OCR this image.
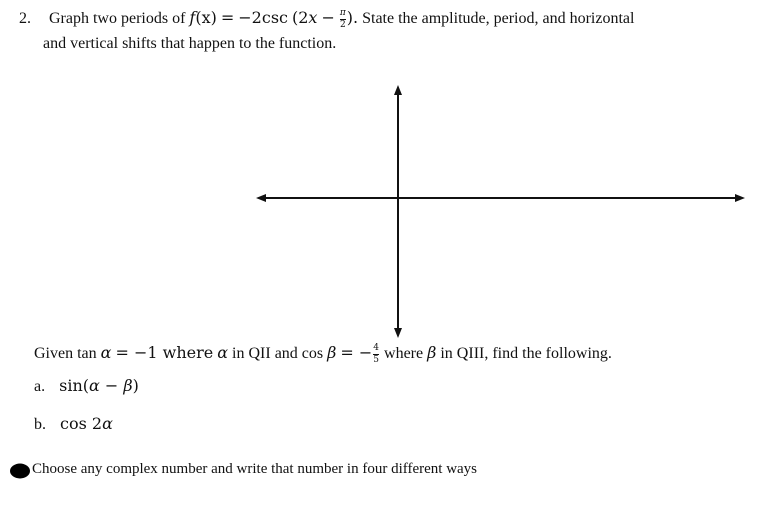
2. Graph two periods of f(x) = −2csc ($2x - \frac{\pi}{2}$ ). State the amplitude, period, and horizontal
and vertical shifts that happen to the function.
Given tan α = −1 where α in QII and cos β = − $\frac{4}{5}$ where β in QIII, find the following.
a. sin(α − β)
b. cos 2α
Choose any complex number and write that number in four different ways
